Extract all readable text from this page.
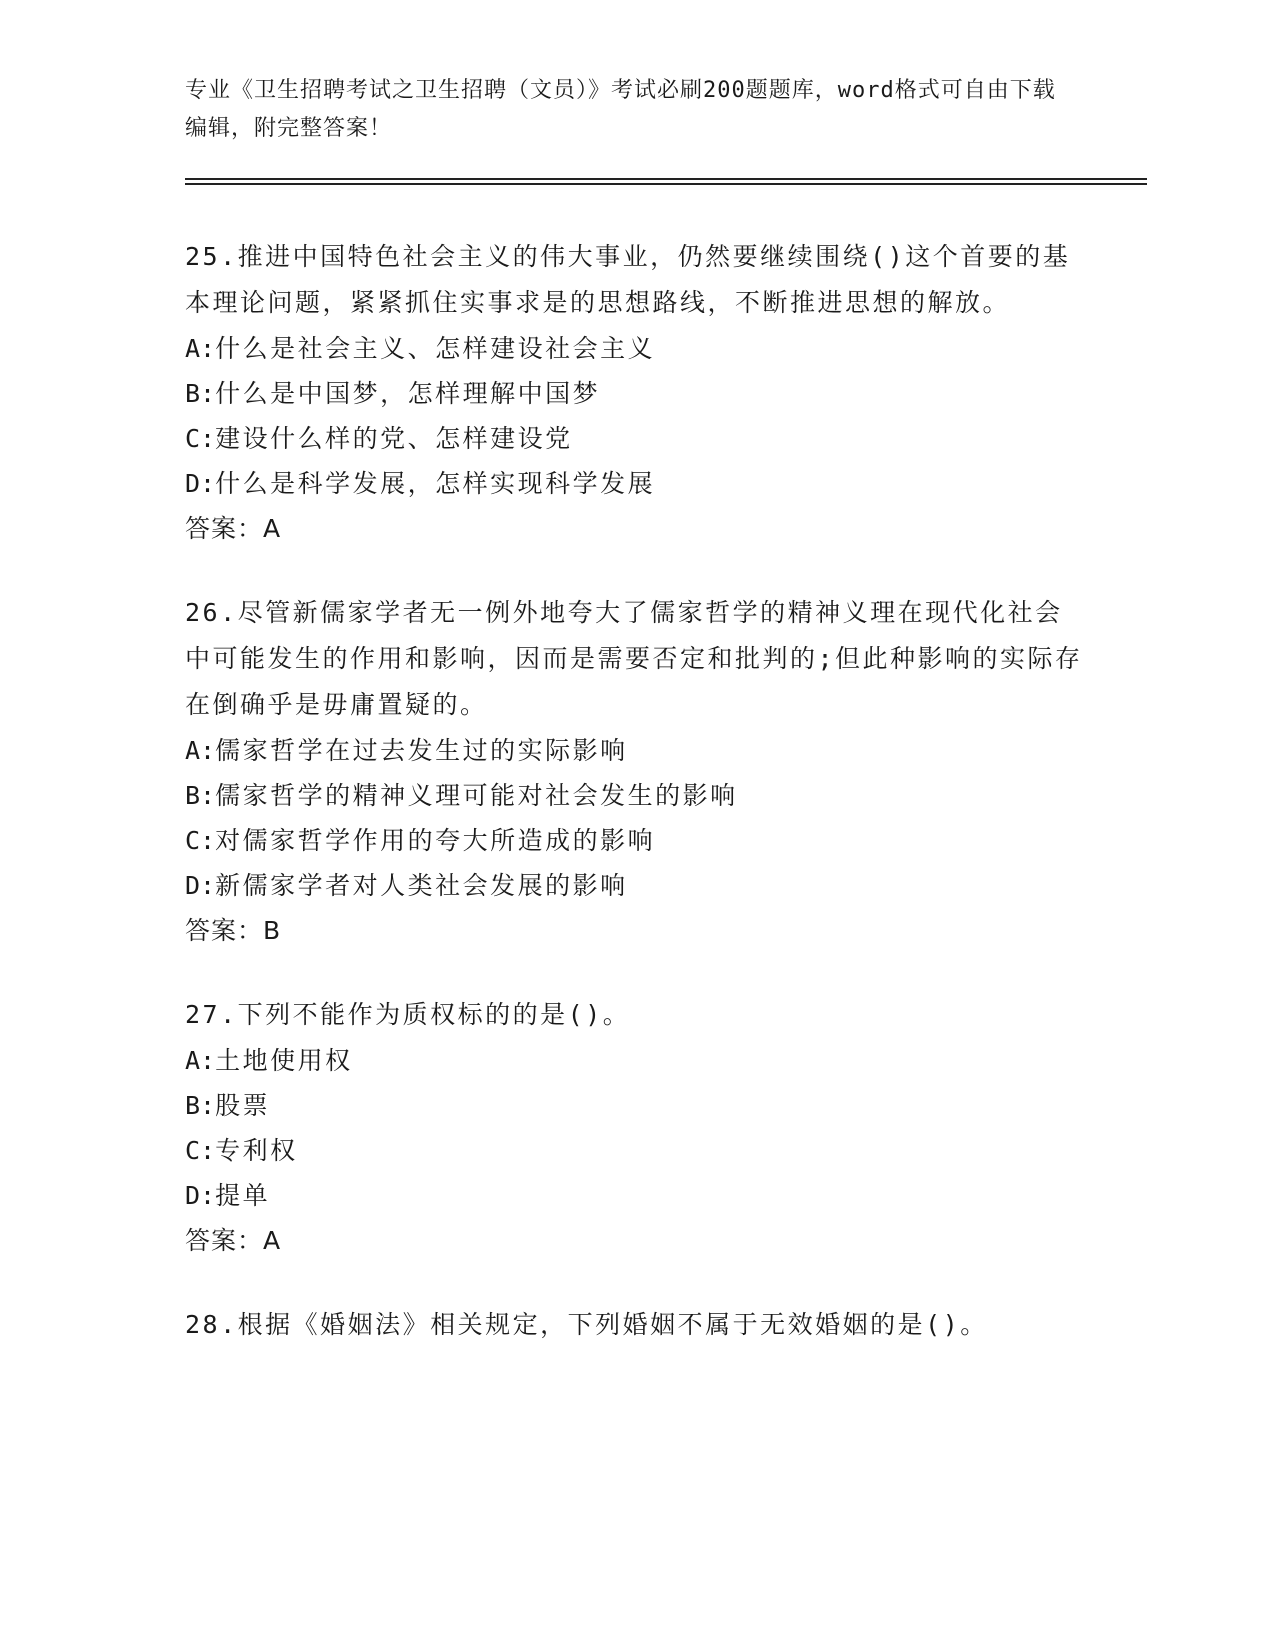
专业《卫生招聘考试之卫生招聘（文员）》考试必刷200题题库，word格式可自由下载编辑，附完整答案！
25.推进中国特色社会主义的伟大事业，仍然要继续围绕()这个首要的基本理论问题，紧紧抓住实事求是的思想路线，不断推进思想的解放。
A:什么是社会主义、怎样建设社会主义
B:什么是中国梦，怎样理解中国梦
C:建设什么样的党、怎样建设党
D:什么是科学发展，怎样实现科学发展
答案：A
26.尽管新儒家学者无一例外地夸大了儒家哲学的精神义理在现代化社会中可能发生的作用和影响，因而是需要否定和批判的;但此种影响的实际存在倒确乎是毋庸置疑的。
A:儒家哲学在过去发生过的实际影响
B:儒家哲学的精神义理可能对社会发生的影响
C:对儒家哲学作用的夸大所造成的影响
D:新儒家学者对人类社会发展的影响
答案：B
27.下列不能作为质权标的的是()。
A:土地使用权
B:股票
C:专利权
D:提单
答案：A
28.根据《婚姻法》相关规定，下列婚姻不属于无效婚姻的是()。
